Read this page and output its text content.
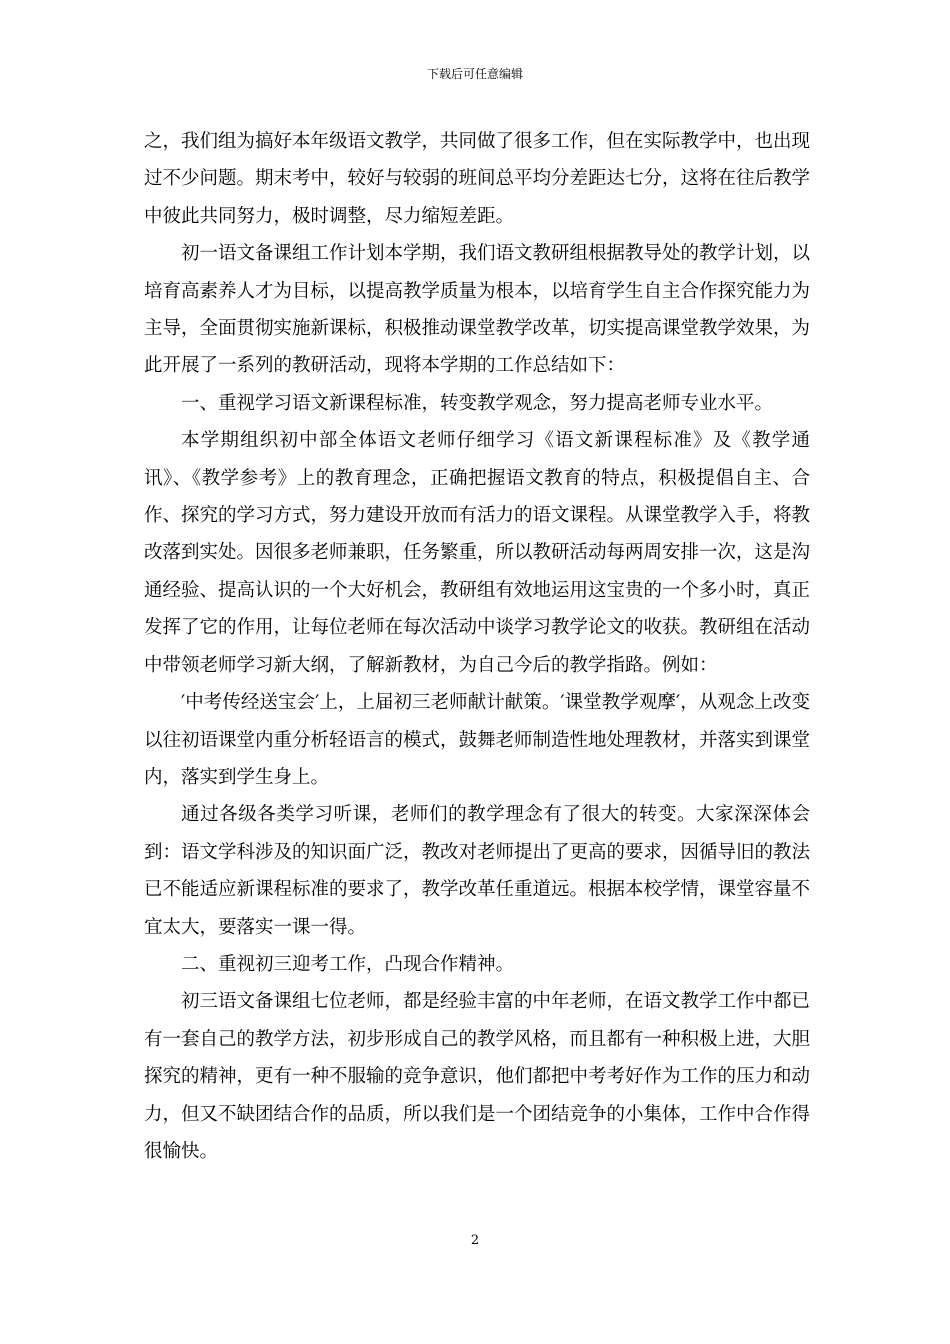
下载后可任意编辑

之，我们组为搞好本年级语文教学，共同做了很多工作，但在实际教学中，也出现过不少问题。期末考中，较好与较弱的班间总平均分差距达七分，这将在往后教学中彼此共同努力，极时调整，尽力缩短差距。

初一语文备课组工作计划本学期，我们语文教研组根据教导处的教学计划，以培育高素养人才为目标，以提高教学质量为根本，以培育学生自主合作探究能力为主导，全面贯彻实施新课标，积极推动课堂教学改革，切实提高课堂教学效果，为此开展了一系列的教研活动，现将本学期的工作总结如下：

一、重视学习语文新课程标准，转变教学观念，努力提高老师专业水平。

本学期组织初中部全体语文老师仔细学习《语文新课程标准》及《教学通讯》、《教学参考》上的教育理念，正确把握语文教育的特点，积极提倡自主、合作、探究的学习方式，努力建设开放而有活力的语文课程。从课堂教学入手，将教改落到实处。因很多老师兼职，任务繁重，所以教研活动每两周安排一次，这是沟通经验、提高认识的一个大好机会，教研组有效地运用这宝贵的一个多小时，真正发挥了它的作用，让每位老师在每次活动中谈学习教学论文的收获。教研组在活动中带领老师学习新大纲，了解新教材，为自己今后的教学指路。例如：

′中考传经送宝会′上，上届初三老师献计献策。′课堂教学观摩′，从观念上改变以往初语课堂内重分析轻语言的模式，鼓舞老师制造性地处理教材，并落实到课堂内，落实到学生身上。

通过各级各类学习听课，老师们的教学理念有了很大的转变。大家深深体会到：语文学科涉及的知识面广泛，教改对老师提出了更高的要求，因循导旧的教法已不能适应新课程标准的要求了，教学改革任重道远。根据本校学情，课堂容量不宜太大，要落实一课一得。

二、重视初三迎考工作，凸现合作精神。

初三语文备课组七位老师，都是经验丰富的中年老师，在语文教学工作中都已有一套自己的教学方法，初步形成自己的教学风格，而且都有一种积极上进，大胆探究的精神，更有一种不服输的竞争意识，他们都把中考考好作为工作的压力和动力，但又不缺团结合作的品质，所以我们是一个团结竞争的小集体，工作中合作得很愉快。

2
